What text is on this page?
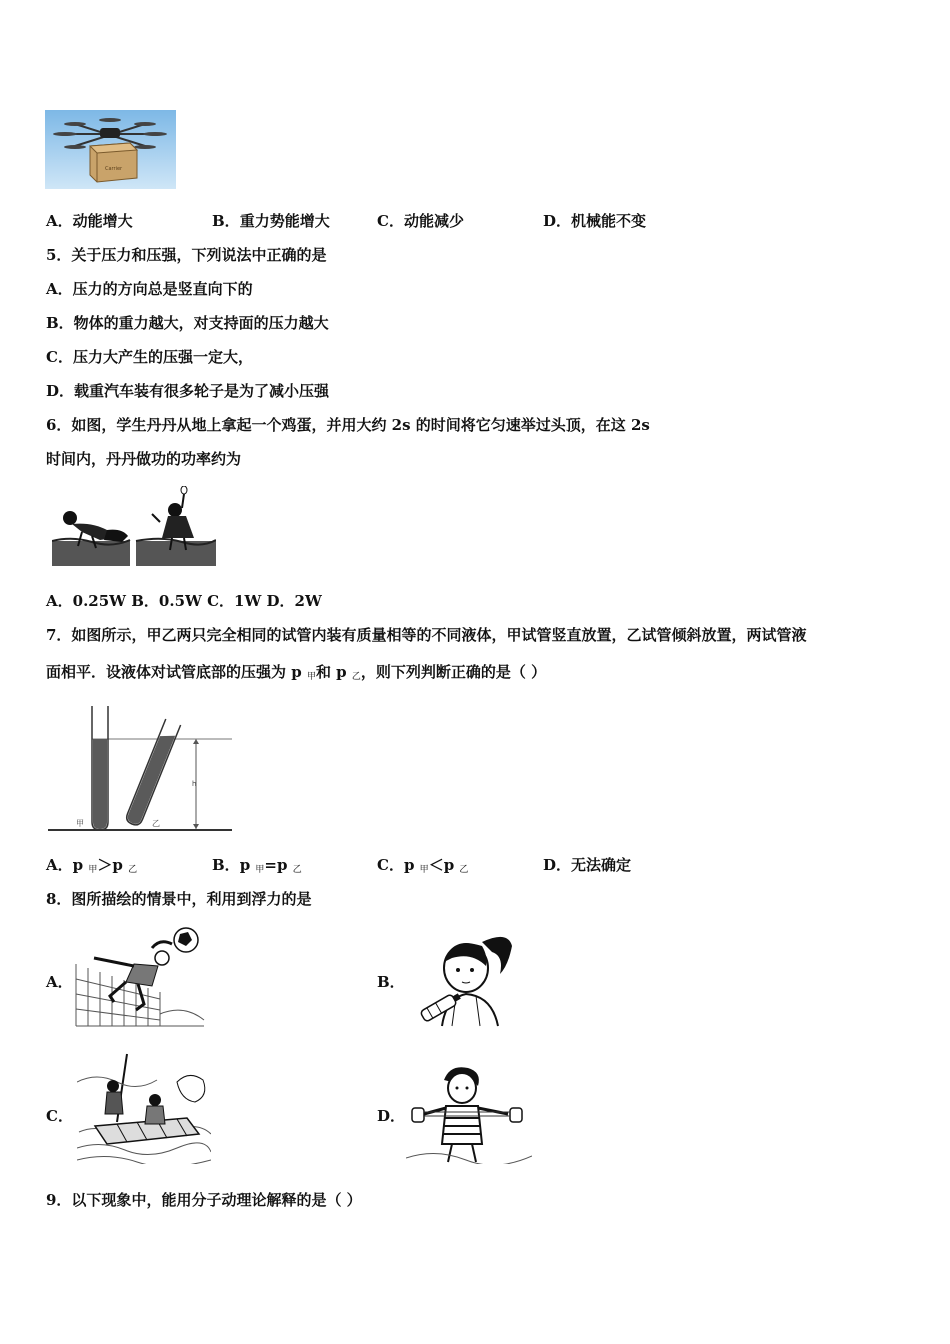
Carrier
A．动能增大	B．重力势能增大	C．动能减少	D．机械能不变
5．关于压力和压强，下列说法中正确的是
A．压力的方向总是竖直向下的
B．物体的重力越大，对支持面的压力越大
C．压力大产生的压强一定大，
D．载重汽车装有很多轮子是为了减小压强
6．如图，学生丹丹从地上拿起一个鸡蛋，并用大约 2s 的时间将它匀速举过头顶，在这 2s
时间内，丹丹做功的功率约为
A．0.25W B．0.5W C．1W D．2W
7．如图所示，甲乙两只完全相同的试管内装有质量相等的不同液体，甲试管竖直放置，乙试管倾斜放置，两试管液
面相平．设液体对试管底部的压强为 p $_甲$和 p $_乙$，则下列判断正确的是（ ）
h
甲	乙
A．p $_甲$＞p $_乙$	B．p $_甲$=p $_乙$	C．p $_甲$＜p $_乙$	D．无法确定
8．图所描绘的情景中，利用到浮力的是
A．	B．
C．	D．
9．以下现象中，能用分子动理论解释的是（ ）
